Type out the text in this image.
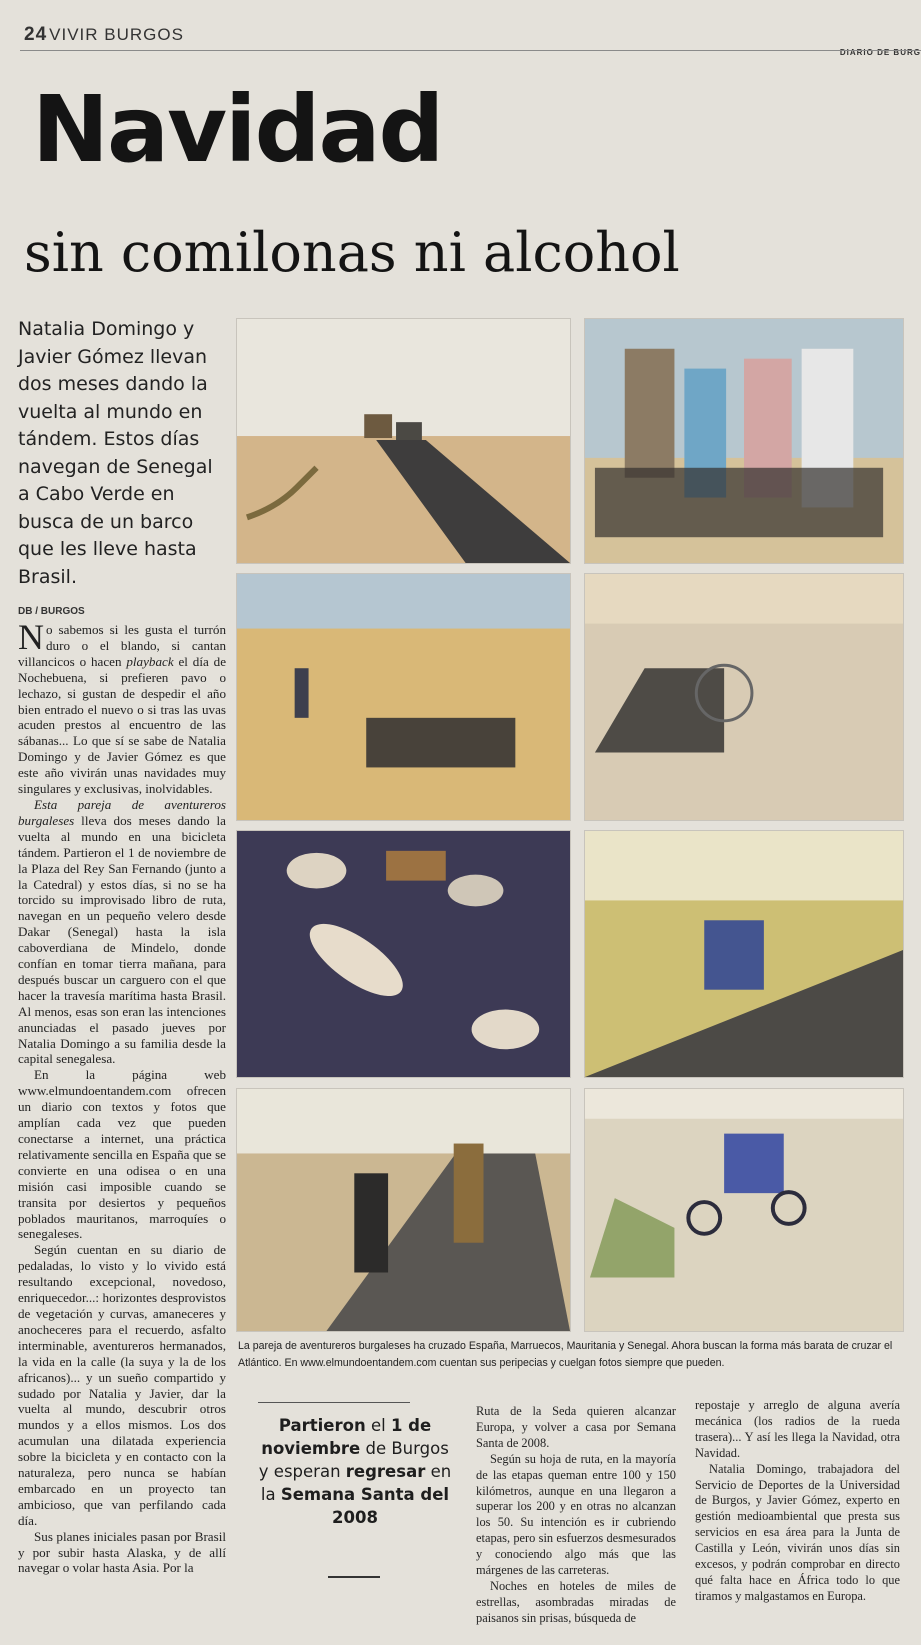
24 VIVIR BURGOS
DIARIO DE BURG
Navidad
sin comilonas ni alcohol
Natalia Domingo y Javier Gómez llevan dos meses dando la vuelta al mundo en tándem. Estos días navegan de Senegal a Cabo Verde en busca de un barco que les lleve hasta Brasil.
DB / BURGOS

No sabemos si les gusta el turrón duro o el blando, si cantan villancicos o hacen playback el día de Nochebuena, si prefieren pavo o lechazo, si gustan de despedir el año bien entrado el nuevo o si tras las uvas acuden prestos al encuentro de las sábanas... Lo que sí se sabe de Natalia Domingo y de Javier Gómez es que este año vivirán unas navidades muy singulares y exclusivas, inolvidables.

Esta pareja de aventureros burgaleses lleva dos meses dando la vuelta al mundo en una bicicleta tándem. Partieron el 1 de noviembre de la Plaza del Rey San Fernando (junto a la Catedral) y estos días, si no se ha torcido su improvisado libro de ruta, navegan en un pequeño velero desde Dakar (Senegal) hasta la isla caboverdiana de Mindelo, donde confían en tomar tierra mañana, para después buscar un carguero con el que hacer la travesía marítima hasta Brasil. Al menos, esas son eran las intenciones anunciadas el pasado jueves por Natalia Domingo a su familia desde la capital senegalesa.

En la página web www.elmundoentandem.com ofrecen un diario con textos y fotos que amplían cada vez que pueden conectarse a internet, una práctica relativamente sencilla en España que se convierte en una odisea o en una misión casi imposible cuando se transita por desiertos y pequeños poblados mauritanos, marroquíes o senegaleses.

Según cuentan en su diario de pedaladas, lo visto y lo vivido está resultando excepcional, novedoso, enriquecedor...: horizontes desprovistos de vegetación y curvas, amaneceres y anocheceres para el recuerdo, asfalto interminable, aventureros hermanados, la vida en la calle (la suya y la de los africanos)... y un sueño compartido y sudado por Natalia y Javier, dar la vuelta al mundo, descubrir otros mundos y a ellos mismos. Los dos acumulan una dilatada experiencia sobre la bicicleta y en contacto con la naturaleza, pero nunca se habían embarcado en un proyecto tan ambicioso, que van perfilando cada día.

Sus planes iniciales pasan por Brasil y por subir hasta Alaska, y de allí navegar o volar hasta Asia. Por la

La pareja de aventureros burgaleses ha cruzado España, Marruecos, Mauritania y Senegal. Ahora buscan la forma más barata de cruzar el Atlántico. En www.elmundoentandem.com cuentan sus peripecias y cuelgan fotos siempre que pueden.
Partieron el 1 de noviembre de Burgos y esperan regresar en la Semana Santa del 2008

Ruta de la Seda quieren alcanzar Europa, y volver a casa por Semana Santa de 2008.

Según su hoja de ruta, en la mayoría de las etapas queman entre 100 y 150 kilómetros, aunque en una llegaron a superar los 200 y en otras no alcanzan los 50. Su intención es ir cubriendo etapas, pero sin esfuerzos desmesurados y conociendo algo más que las márgenes de las carreteras.

Noches en hoteles de miles de estrellas, asombradas miradas de paisanos sin prisas, búsqueda de

repostaje y arreglo de alguna avería mecánica (los radios de la rueda trasera)... Y así les llega la Navidad, otra Navidad.

Natalia Domingo, trabajadora del Servicio de Deportes de la Universidad de Burgos, y Javier Gómez, experto en gestión medioambiental que presta sus servicios en esa área para la Junta de Castilla y León, vivirán unos días sin excesos, y podrán comprobar en directo qué falta hace en África todo lo que tiramos y malgastamos en Europa.
